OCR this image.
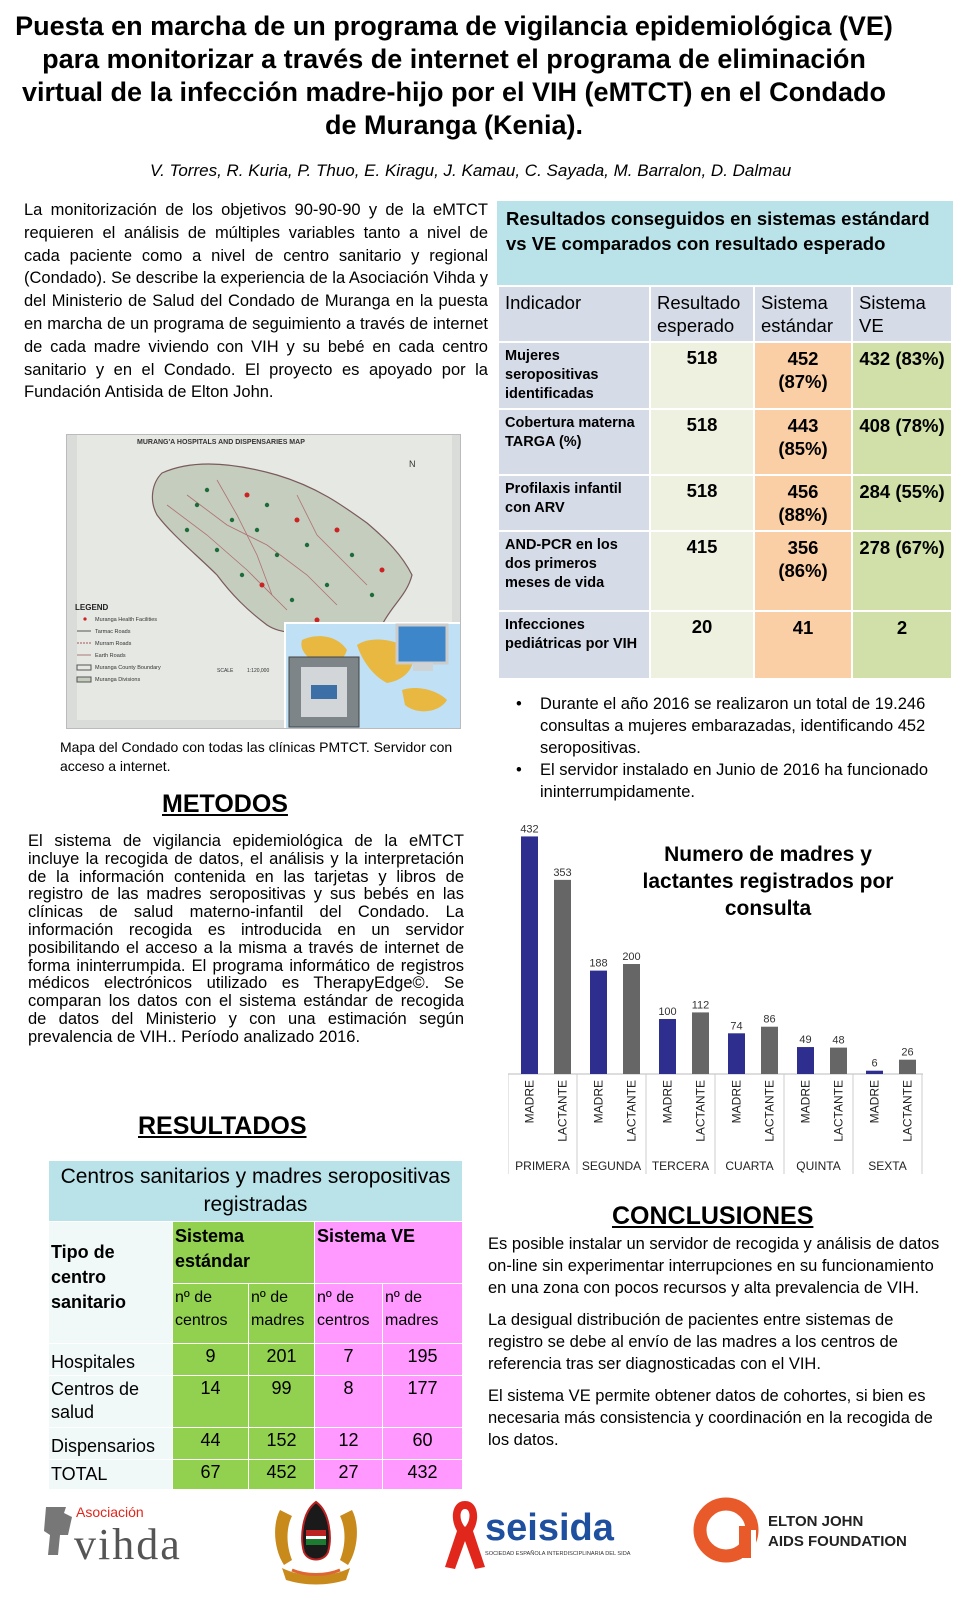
Puesta en marcha de un programa de vigilancia epidemiológica (VE) para monitorizar a través de internet el programa de eliminación virtual de la infección madre-hijo por el VIH (eMTCT) en el Condado de Muranga (Kenia).
V. Torres, R. Kuria, P. Thuo, E. Kiragu, J. Kamau, C. Sayada, M. Barralon, D. Dalmau
La monitorización de los objetivos 90-90-90 y de la eMTCT requieren el análisis de múltiples variables tanto a nivel de cada paciente como a nivel de centro sanitario y regional (Condado). Se describe la experiencia de la Asociación Vihda y del Ministerio de Salud del Condado de Muranga en la puesta en marcha de un programa de seguimiento a través de internet de cada madre viviendo con VIH y su bebé en cada centro sanitario y en el Condado. El proyecto es apoyado por la Fundación Antisida de Elton John.
MURANG'A HOSPITALS AND DISPENSARIES MAP
N
LEGEND
Muranga Health Facilities
Tarmac Roads
Murram Roads
Earth Roads
Muranga County Boundary
Muranga Divisions
SCALE	1:120,000
Mapa del Condado con todas las clínicas PMTCT. Servidor con acceso a internet.
METODOS
El sistema de vigilancia epidemiológica de la eMTCT incluye la recogida de datos, el análisis y la interpretación de la información contenida en las tarjetas y libros de registro de las madres seropositivas y sus bebés en las clínicas de salud materno-infantil del Condado. La información recogida es introducida en un servidor posibilitando el acceso a la misma a través de internet de forma ininterrumpida. El programa informático de registros médicos electrónicos utilizado es TherapyEdge©. Se comparan los datos con el sistema estándar de recogida de datos del Ministerio y con una estimación según prevalencia de VIH.. Período analizado 2016.
RESULTADOS
Centros sanitarios y madres seropositivas registradas				
Tipo de centro sanitario	Sistema estándar		Sistema VE	
	nº de centros	nº de madres	nº de centros	nº de madres
Hospitales	9	201	7	195
Centros de salud	14	99	8	177
Dispensarios	44	152	12	60
TOTAL	67	452	27	432
Resultados conseguidos en sistemas estándard vs VE comparados con resultado esperado
Indicador	Resultado esperado	Sistema estándar	Sistema VE
Mujeres seropositivas identificadas	518	452 (87%)	432 (83%)
Cobertura materna TARGA (%)	518	443 (85%)	408 (78%)
Profilaxis infantil con ARV	518	456 (88%)	284 (55%)
AND-PCR en los dos primeros meses de vida	415	356 (86%)	278 (67%)
Infecciones pediátricas por VIH	20	41	2
• Durante el año 2016 se realizaron un total de 19.246 consultas a mujeres embarazadas, identificando 452 seropositivas.
• El servidor instalado en Junio de 2016 ha funcionado ininterrumpidamente.
432
MADRE
353
LACTANTE
PRIMERA
188
MADRE
200
LACTANTE
SEGUNDA
100
MADRE
112
LACTANTE
TERCERA
74
MADRE
86
LACTANTE
CUARTA
49
MADRE
48
LACTANTE
QUINTA
6
MADRE
26
LACTANTE
SEXTA
Numero de madres y lactantes registrados por consulta
CONCLUSIONES

Es posible instalar un servidor de recogida y análisis de datos on-line sin experimentar interrupciones en su funcionamiento en una zona con pocos recursos y alta prevalencia de VIH.

La desigual distribución de pacientes entre sistemas de registro se debe al envío de las madres a los centros de referencia tras ser diagnosticadas con el VIH.

El sistema VE permite obtener datos de cohortes, si bien es necesaria más consistencia y coordinación en la recogida de los datos.

Asociación
vihda	seisida
SOCIEDAD ESPAÑOLA INTERDISCIPLINARIA DEL SIDA
ELTON JOHN
AIDS FOUNDATION
